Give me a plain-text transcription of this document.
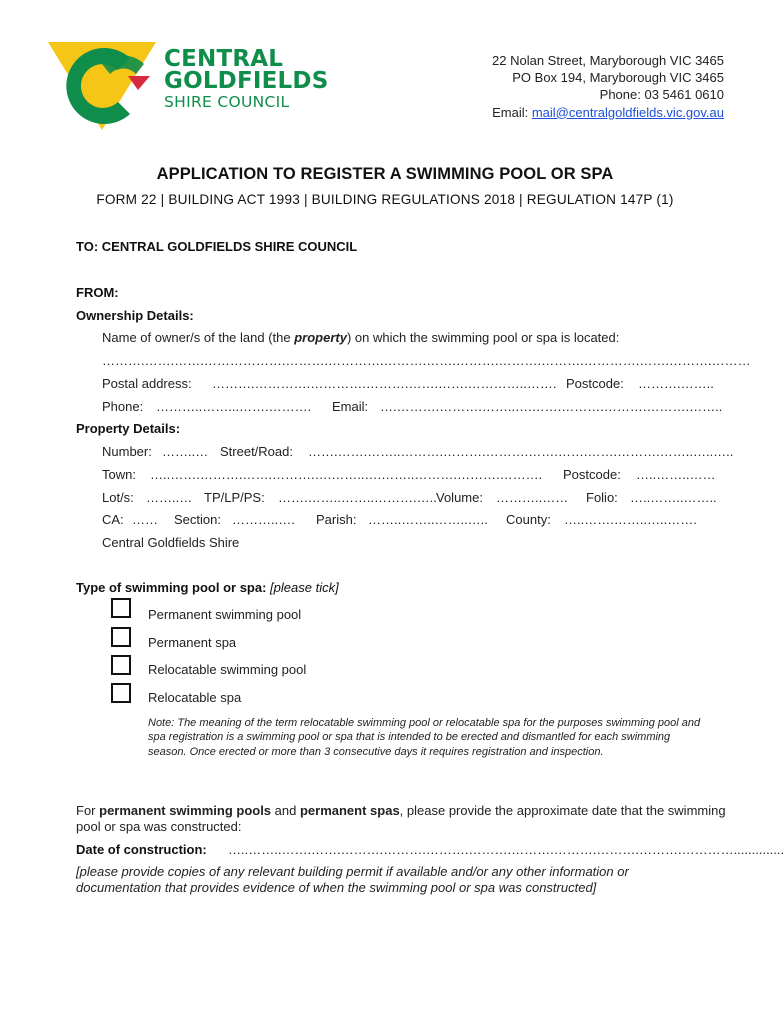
CENTRAL
GOLDFIELDS
SHIRE COUNCIL
22 Nolan Street, Maryborough VIC 3465
PO Box 194, Maryborough VIC 3465
Phone: 03 5461 0610
Email: mail@centralgoldfields.vic.gov.au
APPLICATION TO REGISTER A SWIMMING POOL OR SPA
FORM 22 | BUILDING ACT 1993 | BUILDING REGULATIONS 2018 | REGULATION 147P (1)
TO: CENTRAL GOLDFIELDS SHIRE COUNCIL
FROM:
Ownership Details:
Name of owner/s of the land (the property) on which the swimming pool or spa is located:
……….…….…….……………….……….………….……….…….……….……….……….………….…….……….………
Postal address: ……….………….………….……….…….…….…………..……. Postcode: ……….……..
Phone: ………..……...…….……….	Email: ….……….……….……..….…….……….……….……….……..
Property Details:
Number: ……..… Street/Road: …….…….……..……….……….……….…….…….…….……….……..…..…..
Town: …..…….……….…….……….….……..….……..……….……….……….	Postcode: …..……..……
Lot/s: ……..… TP/LP/PS: …….……..……..……….….. Volume: ………..……	Folio: …..……..……..
CA: …… Section: ………..….	Parish: ……..……..……..…..	County: …..…….……..…..…….
Central Goldfields Shire
Type of swimming pool or spa: [please tick]
Permanent swimming pool
Permanent spa
Relocatable swimming pool
Relocatable spa
Note: The meaning of the term relocatable swimming pool or relocatable spa for the purposes swimming pool and spa registration is a swimming pool or spa that is intended to be erected and dismantled for each swimming season. Once erected or more than 3 consecutive days it requires registration and inspection.
For permanent swimming pools and permanent spas, please provide the approximate date that the swimming pool or spa was constructed:
Date of construction: …..……..…….…….……….……….……….……….……….……….……….……….…………..............
[please provide copies of any relevant building permit if available and/or any other information or documentation that provides evidence of when the swimming pool or spa was constructed]
